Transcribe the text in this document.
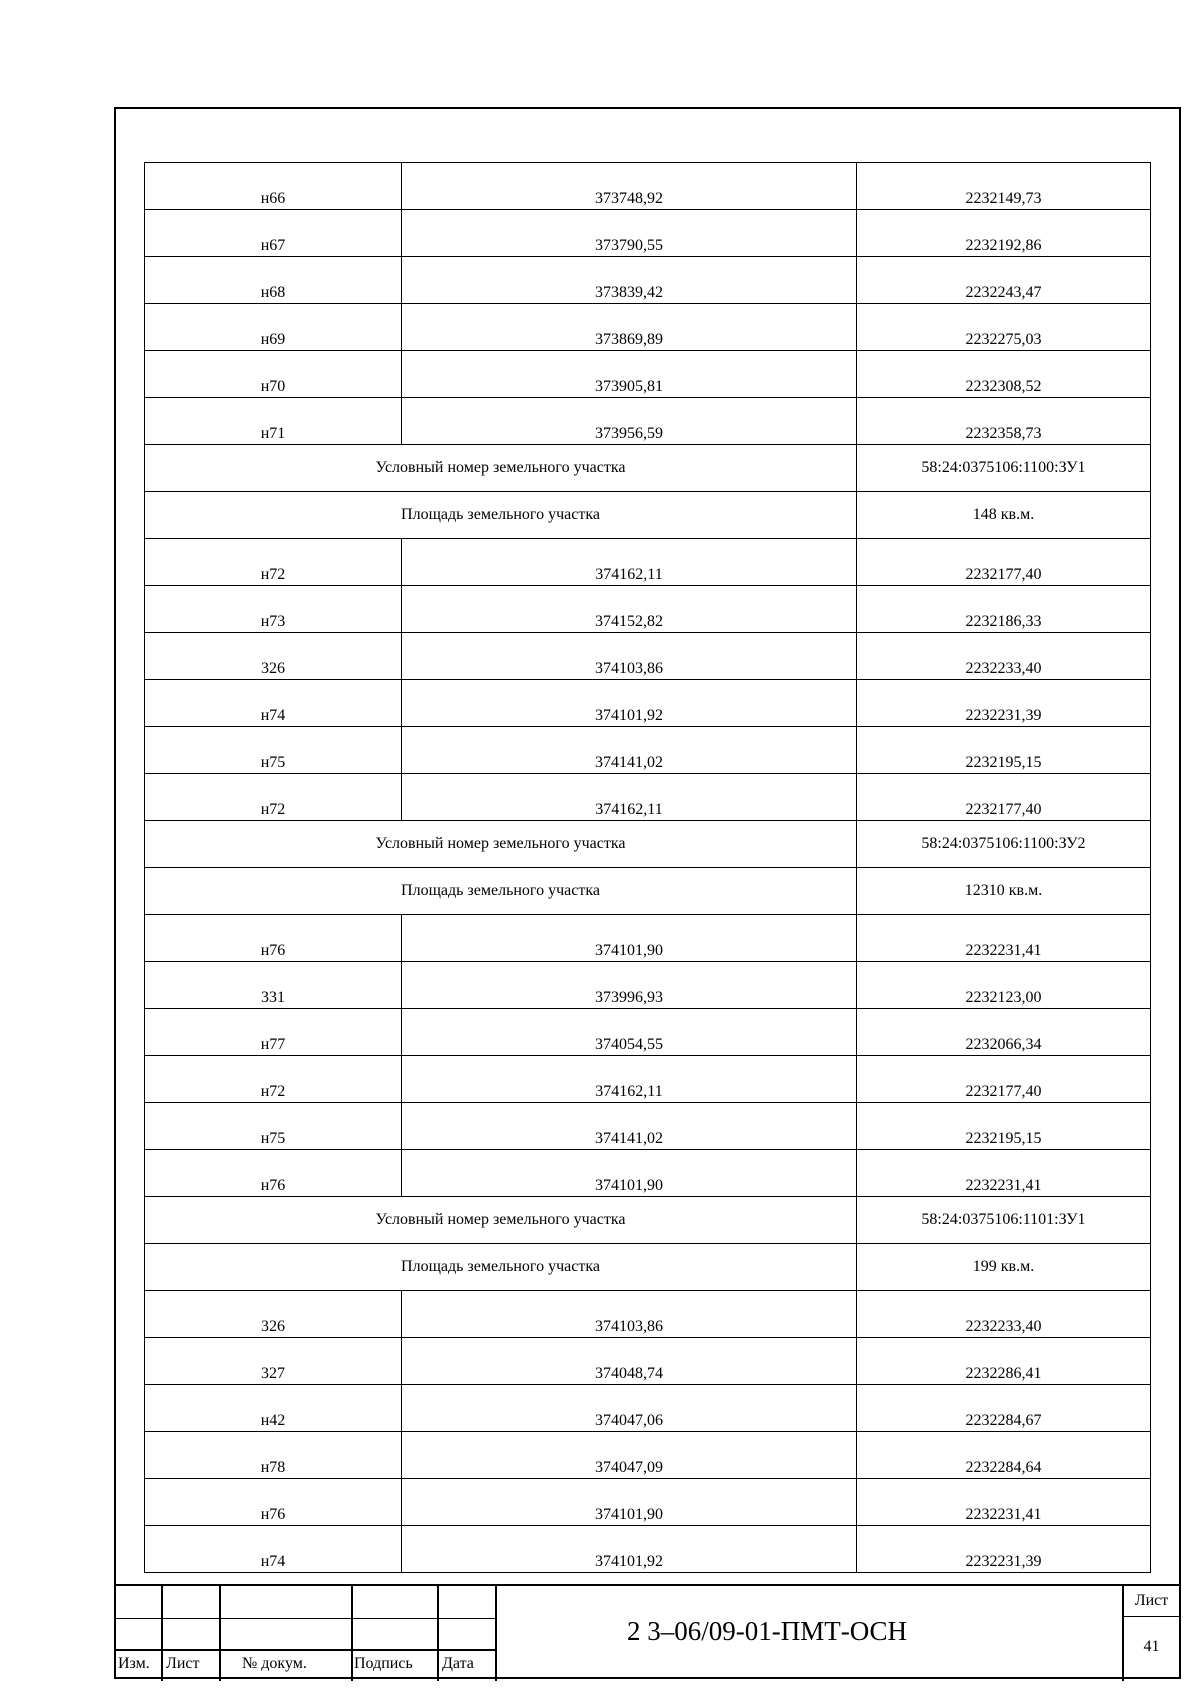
н66	373748,92	2232149,73

н67	373790,55	2232192,86

н68	373839,42	2232243,47

н69	373869,89	2232275,03

н70	373905,81	2232308,52

н71	373956,59	2232358,73

Условный номер земельного участка		58:24:0375106:1100:ЗУ1

Площадь земельного участка		148 кв.м.

н72	374162,11	2232177,40

н73	374152,82	2232186,33

326	374103,86	2232233,40

н74	374101,92	2232231,39

н75	374141,02	2232195,15

н72	374162,11	2232177,40

Условный номер земельного участка		58:24:0375106:1100:ЗУ2

Площадь земельного участка		12310 кв.м.

н76	374101,90	2232231,41

331	373996,93	2232123,00

н77	374054,55	2232066,34

н72	374162,11	2232177,40

н75	374141,02	2232195,15

н76	374101,90	2232231,41

Условный номер земельного участка		58:24:0375106:1101:ЗУ1

Площадь земельного участка		199 кв.м.

326	374103,86	2232233,40

327	374048,74	2232286,41

н42	374047,06	2232284,67

н78	374047,09	2232284,64

н76	374101,90	2232231,41

н74	374101,92	2232231,39
Изм. Лист	№ докум.	Подпись Дата
2 3–06/09-01-ПМТ-ОСН
Лист
41
